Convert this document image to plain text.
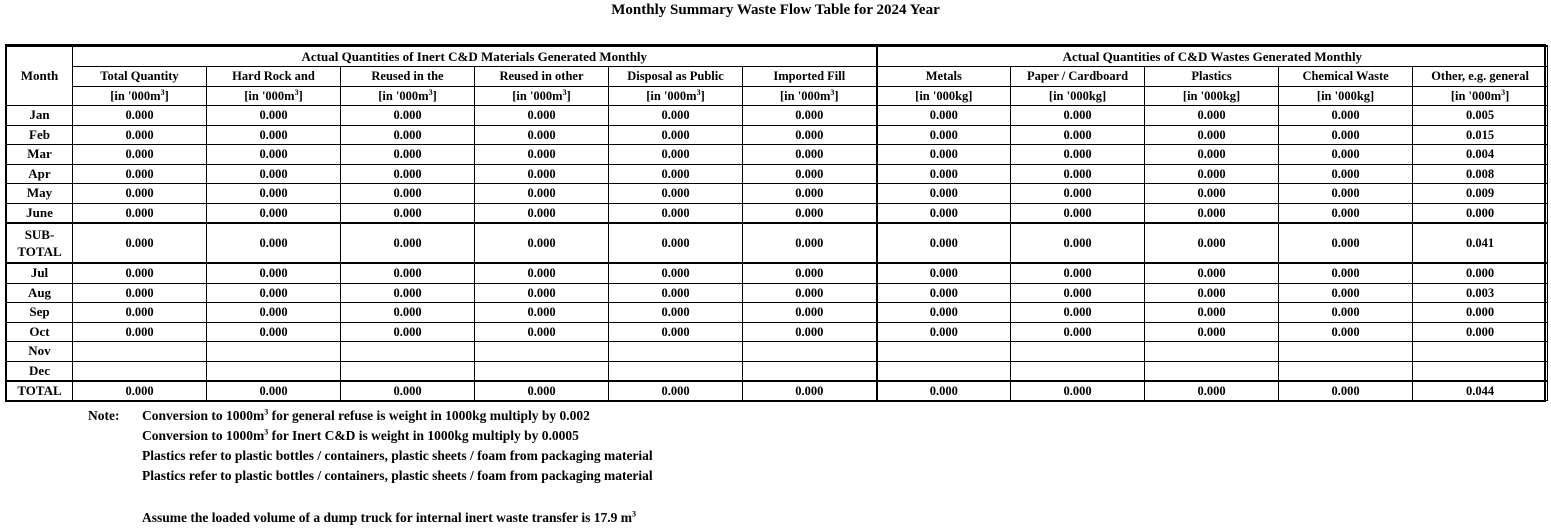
Monthly Summary Waste Flow Table for 2024 Year
Month	Actual Quantities of Inert C&D Materials Generated Monthly						Actual Quantities of C&D Wastes Generated Monthly				
	Total Quantity	Hard Rock and	Reused in the	Reused in other	Disposal as Public	Imported Fill	Metals	Paper / Cardboard	Plastics	Chemical Waste	Other, e.g. general
	[in '$000m^3$]	[in '$000m^3$]	[in '$000m^3$]	[in '$000m^3$]	[in '$000m^3$]	[in '$000m^3$]	[in '000kg]	[in '000kg]	[in '000kg]	[in '000kg]	[in '$000m^3$]
Jan	0.000	0.000	0.000	0.000	0.000	0.000	0.000	0.000	0.000	0.000	0.005
Feb	0.000	0.000	0.000	0.000	0.000	0.000	0.000	0.000	0.000	0.000	0.015
Mar	0.000	0.000	0.000	0.000	0.000	0.000	0.000	0.000	0.000	0.000	0.004
Apr	0.000	0.000	0.000	0.000	0.000	0.000	0.000	0.000	0.000	0.000	0.008
May	0.000	0.000	0.000	0.000	0.000	0.000	0.000	0.000	0.000	0.000	0.009
June	0.000	0.000	0.000	0.000	0.000	0.000	0.000	0.000	0.000	0.000	0.000
SUB-
TOTAL	0.000	0.000	0.000	0.000	0.000	0.000	0.000	0.000	0.000	0.000	0.041
Jul	0.000	0.000	0.000	0.000	0.000	0.000	0.000	0.000	0.000	0.000	0.000
Aug	0.000	0.000	0.000	0.000	0.000	0.000	0.000	0.000	0.000	0.000	0.003
Sep	0.000	0.000	0.000	0.000	0.000	0.000	0.000	0.000	0.000	0.000	0.000
Oct	0.000	0.000	0.000	0.000	0.000	0.000	0.000	0.000	0.000	0.000	0.000
Nov											
Dec											
TOTAL	0.000	0.000	0.000	0.000	0.000	0.000	0.000	0.000	0.000	0.000	0.044
Note: Conversion to $1000m^3$ for general refuse is weight in 1000kg multiply by 0.002
Conversion to $1000m^3$ for Inert C&D is weight in 1000kg multiply by 0.0005
Plastics refer to plastic bottles / containers, plastic sheets / foam from packaging material
Plastics refer to plastic bottles / containers, plastic sheets / foam from packaging material
Assume the loaded volume of a dump truck for internal inert waste transfer is 17.9 $m^3$
